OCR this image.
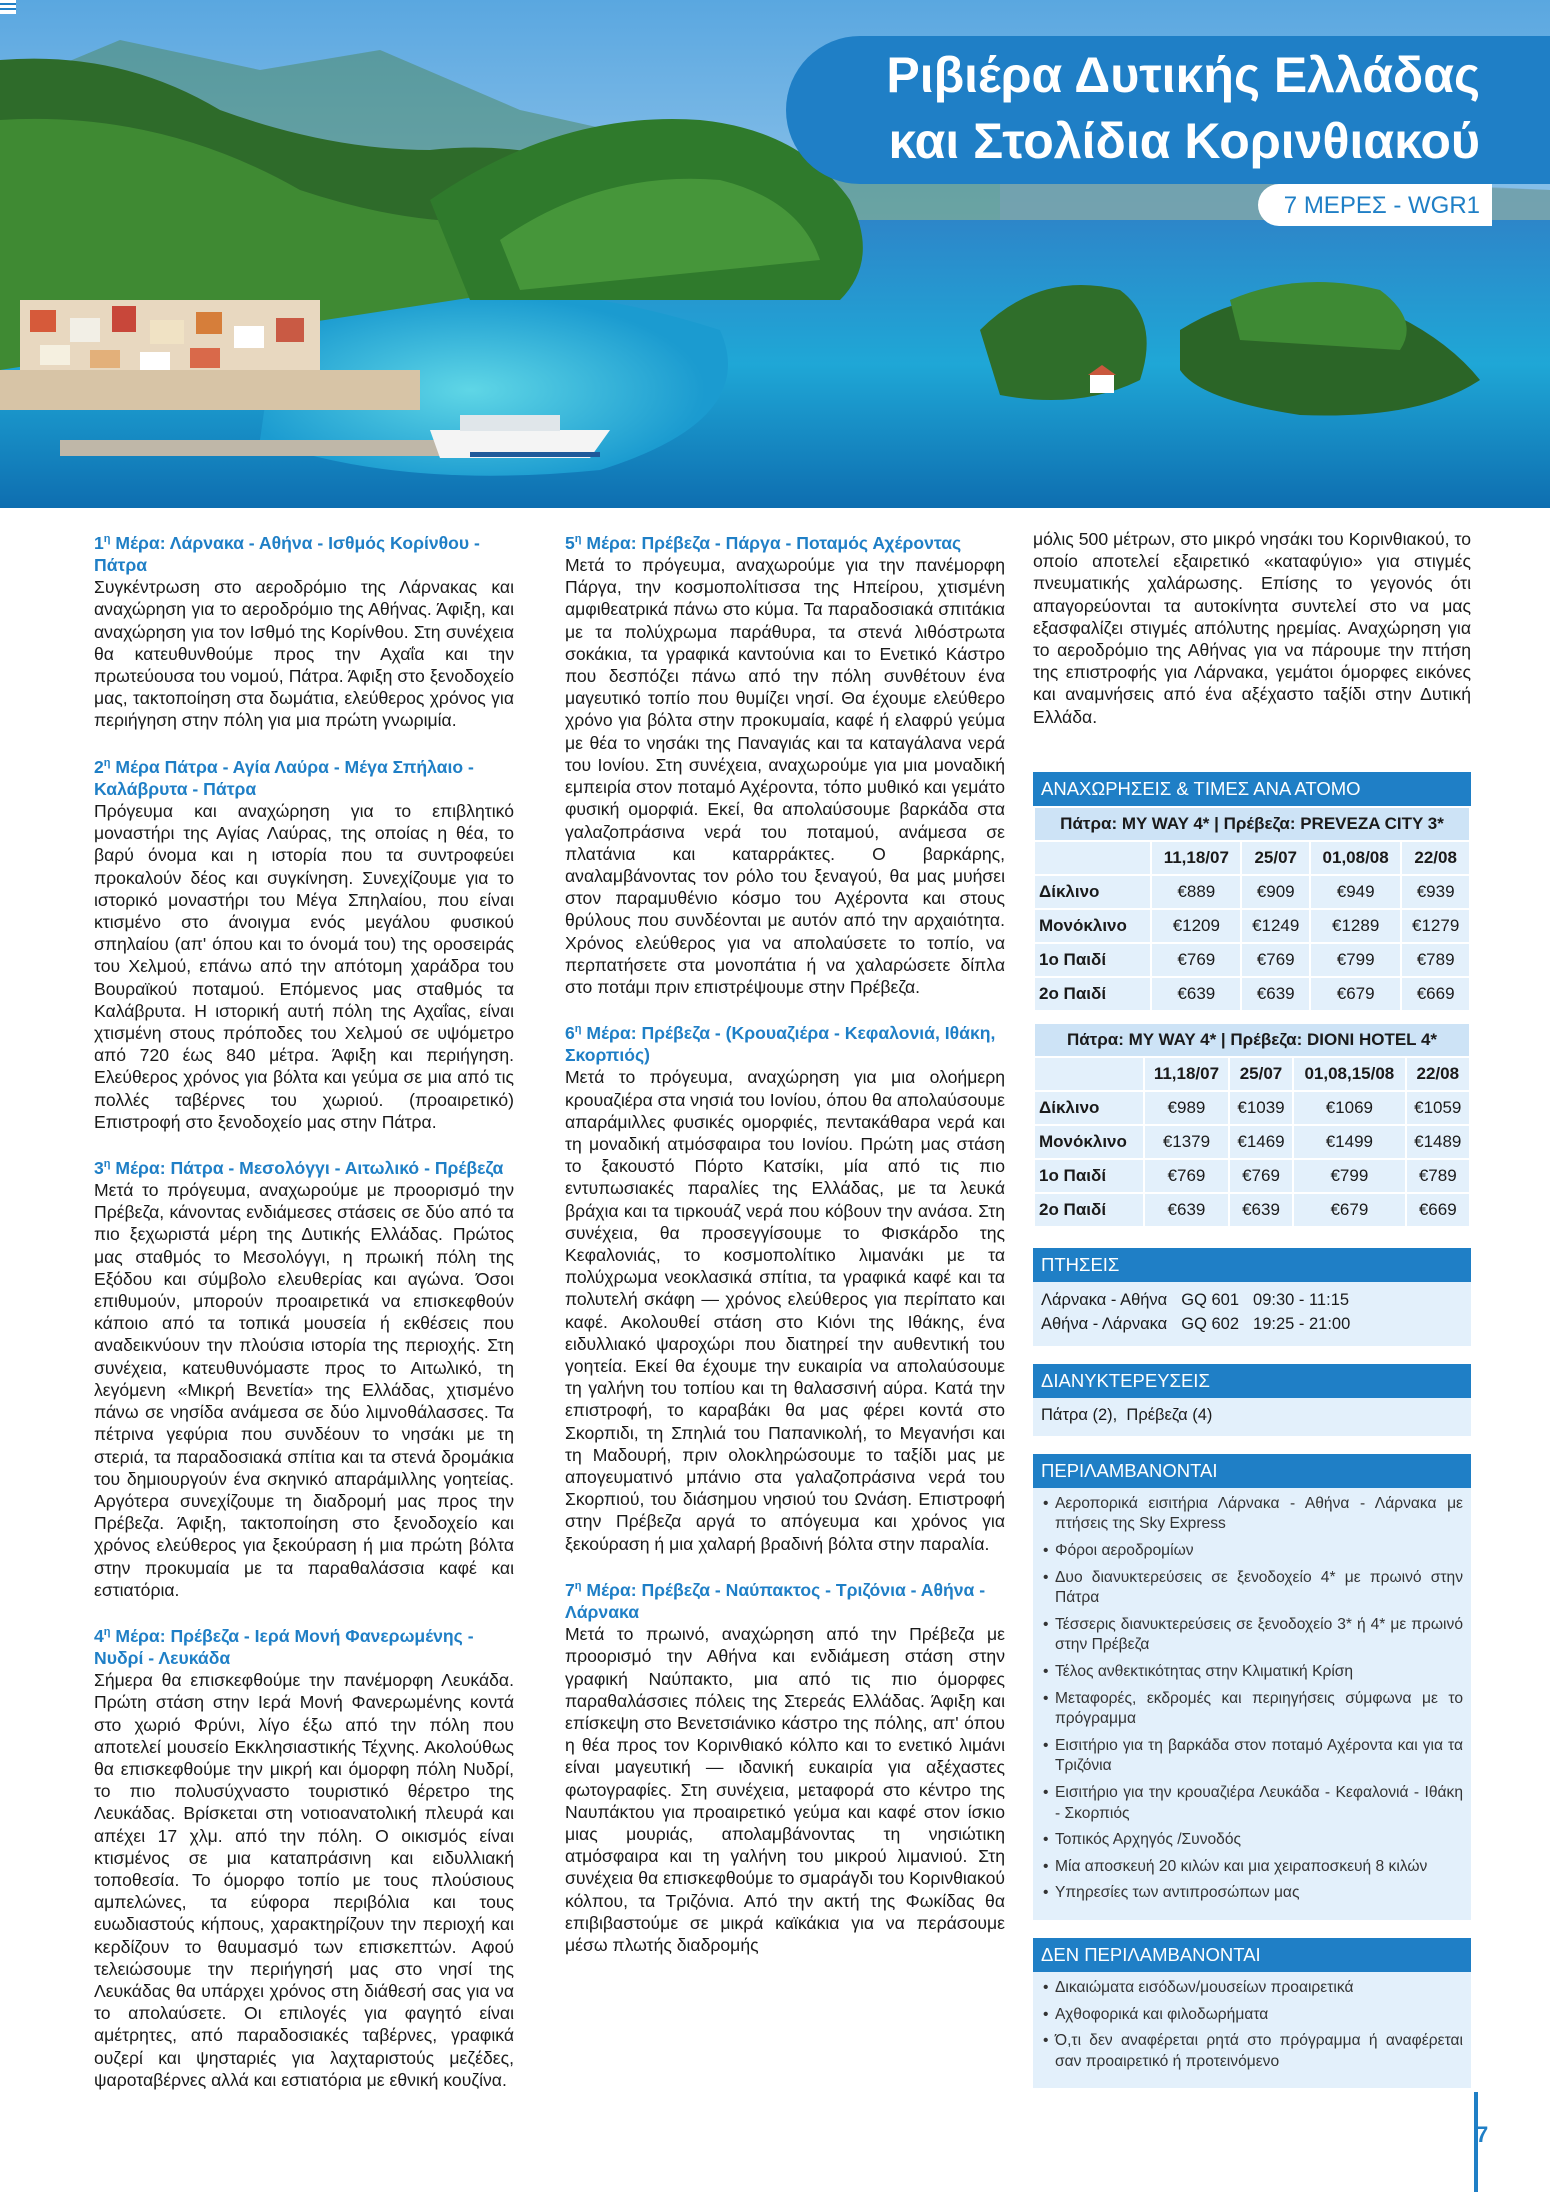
Ριβιέρα Δυτικής Ελλάδας
και Στολίδια Κορινθιακού
7 ΜΕΡΕΣ - WGR1

$1^\eta$ Μέρα: Λάρνακα - Αθήνα - Ισθμός Κορίνθου - Πάτρα

Συγκέντρωση στο αεροδρόμιο της Λάρνακας και αναχώρηση για το αεροδρόμιο της Αθήνας. Άφιξη, και αναχώρηση για τον Ισθμό της Κορίνθου. Στη συνέχεια θα κατευθυνθούμε προς την Αχαΐα και την πρωτεύουσα του νομού, Πάτρα. Άφιξη στο ξενοδοχείο μας, τακτοποίηση στα δωμάτια, ελεύθερος χρόνος για περιήγηση στην πόλη για μια πρώτη γνωριμία.

$2^\eta$ Μέρα Πάτρα - Αγία Λαύρα - Μέγα Σπήλαιο - Καλάβρυτα - Πάτρα

Πρόγευμα και αναχώρηση για το επιβλητικό μοναστήρι της Αγίας Λαύρας, της οποίας η θέα, το βαρύ όνομα και η ιστορία που τα συντροφεύει προκαλούν δέος και συγκίνηση. Συνεχίζουμε για το ιστορικό μοναστήρι του Μέγα Σπηλαίου, που είναι κτισμένο στο άνοιγμα ενός μεγάλου φυσικού σπηλαίου (απ' όπου και το όνομά του) της οροσειράς του Χελμού, επάνω από την απότομη χαράδρα του Βουραϊκού ποταμού. Επόμενος μας σταθμός τα Καλάβρυτα. Η ιστορική αυτή πόλη της Αχαΐας, είναι χτισμένη στους πρόποδες του Χελμού σε υψόμετρο από 720 έως 840 μέτρα. Άφιξη και περιήγηση. Ελεύθερος χρόνος για βόλτα και γεύμα σε μια από τις πολλές ταβέρνες του χωριού. (προαιρετικό) Επιστροφή στο ξενοδοχείο μας στην Πάτρα.

$3^\eta$ Μέρα: Πάτρα - Μεσολόγγι - Αιτωλικό - Πρέβεζα

Μετά το πρόγευμα, αναχωρούμε με προορισμό την Πρέβεζα, κάνοντας ενδιάμεσες στάσεις σε δύο από τα πιο ξεχωριστά μέρη της Δυτικής Ελλάδας. Πρώτος μας σταθμός το Μεσολόγγι, η πρωική πόλη της Εξόδου και σύμβολο ελευθερίας και αγώνα. Όσοι επιθυμούν, μπορούν προαιρετικά να επισκεφθούν κάποιο από τα τοπικά μουσεία ή εκθέσεις που αναδεικνύουν την πλούσια ιστορία της περιοχής. Στη συνέχεια, κατευθυνόμαστε προς το Αιτωλικό, τη λεγόμενη «Μικρή Βενετία» της Ελλάδας, χτισμένο πάνω σε νησίδα ανάμεσα σε δύο λιμνοθάλασσες. Τα πέτρινα γεφύρια που συνδέουν το νησάκι με τη στεριά, τα παραδοσιακά σπίτια και τα στενά δρομάκια του δημιουργούν ένα σκηνικό απαράμιλλης γοητείας. Αργότερα συνεχίζουμε τη διαδρομή μας προς την Πρέβεζα. Άφιξη, τακτοποίηση στο ξενοδοχείο και χρόνος ελεύθερος για ξεκούραση ή μια πρώτη βόλτα στην προκυμαία με τα παραθαλάσσια καφέ και εστιατόρια.

$4^\eta$ Μέρα: Πρέβεζα - Ιερά Μονή Φανερωμένης - Νυδρί - Λευκάδα

Σήμερα θα επισκεφθούμε την πανέμορφη Λευκάδα. Πρώτη στάση στην Ιερά Μονή Φανερωμένης κοντά στο χωριό Φρύνι, λίγο έξω από την πόλη που αποτελεί μουσείο Εκκλησιαστικής Τέχνης. Ακολούθως θα επισκεφθούμε την μικρή και όμορφη πόλη Νυδρί, το πιο πολυσύχναστο τουριστικό θέρετρο της Λευκάδας. Βρίσκεται στη νοτιοανατολική πλευρά και απέχει 17 χλμ. από την πόλη. Ο οικισμός είναι κτισμένος σε μια καταπράσινη και ειδυλλιακή τοποθεσία. Το όμορφο τοπίο με τους πλούσιους αμπελώνες, τα εύφορα περιβόλια και τους ευωδιαστούς κήπους, χαρακτηρίζουν την περιοχή και κερδίζουν το θαυμασμό των επισκεπτών. Αφού τελειώσουμε την περιήγησή μας στο νησί της Λευκάδας θα υπάρχει χρόνος στη διάθεσή σας για να το απολαύσετε. Οι επιλογές για φαγητό είναι αμέτρητες, από παραδοσιακές ταβέρνες, γραφικά ουζερί και ψησταριές για λαχταριστούς μεζέδες, ψαροταβέρνες αλλά και εστιατόρια με εθνική κουζίνα.

$5^\eta$ Μέρα: Πρέβεζα - Πάργα - Ποταμός Αχέροντας

Μετά το πρόγευμα, αναχωρούμε για την πανέμορφη Πάργα, την κοσμοπολίτισσα της Ηπείρου, χτισμένη αμφιθεατρικά πάνω στο κύμα. Τα παραδοσιακά σπιτάκια με τα πολύχρωμα παράθυρα, τα στενά λιθόστρωτα σοκάκια, τα γραφικά καντούνια και το Ενετικό Κάστρο που δεσπόζει πάνω από την πόλη συνθέτουν ένα μαγευτικό τοπίο που θυμίζει νησί. Θα έχουμε ελεύθερο χρόνο για βόλτα στην προκυμαία, καφέ ή ελαφρύ γεύμα με θέα το νησάκι της Παναγιάς και τα καταγάλανα νερά του Ιονίου. Στη συνέχεια, αναχωρούμε για μια μοναδική εμπειρία στον ποταμό Αχέροντα, τόπο μυθικό και γεμάτο φυσική ομορφιά. Εκεί, θα απολαύσουμε βαρκάδα στα γαλαζοπράσινα νερά του ποταμού, ανάμεσα σε πλατάνια και καταρράκτες. Ο βαρκάρης, αναλαμβάνοντας τον ρόλο του ξεναγού, θα μας μυήσει στον παραμυθένιο κόσμο του Αχέροντα και στους θρύλους που συνδέονται με αυτόν από την αρχαιότητα. Χρόνος ελεύθερος για να απολαύσετε το τοπίο, να περπατήσετε στα μονοπάτια ή να χαλαρώσετε δίπλα στο ποτάμι πριν επιστρέψουμε στην Πρέβεζα.

$6^\eta$ Μέρα: Πρέβεζα - (Κρουαζιέρα - Κεφαλονιά, Ιθάκη, Σκορπιός)

Μετά το πρόγευμα, αναχώρηση για μια ολοήμερη κρουαζιέρα στα νησιά του Ιονίου, όπου θα απολαύσουμε απαράμιλλες φυσικές ομορφιές, πεντακάθαρα νερά και τη μοναδική ατμόσφαιρα του Ιονίου. Πρώτη μας στάση το ξακουστό Πόρτο Κατσίκι, μία από τις πιο εντυπωσιακές παραλίες της Ελλάδας, με τα λευκά βράχια και τα τιρκουάζ νερά που κόβουν την ανάσα. Στη συνέχεια, θα προσεγγίσουμε το Φισκάρδο της Κεφαλονιάς, το κοσμοπολίτικο λιμανάκι με τα πολύχρωμα νεοκλασικά σπίτια, τα γραφικά καφέ και τα πολυτελή σκάφη — χρόνος ελεύθερος για περίπατο και καφέ. Ακολουθεί στάση στο Κιόνι της Ιθάκης, ένα ειδυλλιακό ψαροχώρι που διατηρεί την αυθεντική του γοητεία. Εκεί θα έχουμε την ευκαιρία να απολαύσουμε τη γαλήνη του τοπίου και τη θαλασσινή αύρα. Κατά την επιστροφή, το καραβάκι θα μας φέρει κοντά στο Σκορπιδι, τη Σπηλιά του Παπανικολή, το Μεγανήσι και τη Μαδουρή, πριν ολοκληρώσουμε το ταξίδι μας με απογευματινό μπάνιο στα γαλαζοπράσινα νερά του Σκορπιού, του διάσημου νησιού του Ωνάση. Επιστροφή στην Πρέβεζα αργά το απόγευμα και χρόνος για ξεκούραση ή μια χαλαρή βραδινή βόλτα στην παραλία.

$7^\eta$ Μέρα: Πρέβεζα - Ναύπακτος - Τριζόνια - Αθήνα - Λάρνακα

Μετά το πρωινό, αναχώρηση από την Πρέβεζα με προορισμό την Αθήνα και ενδιάμεση στάση στην γραφική Ναύπακτο, μια από τις πιο όμορφες παραθαλάσσιες πόλεις της Στερεάς Ελλάδας. Άφιξη και επίσκεψη στο Βενετσιάνικο κάστρο της πόλης, απ' όπου η θέα προς τον Κορινθιακό κόλπο και το ενετικό λιμάνι είναι μαγευτική — ιδανική ευκαιρία για αξέχαστες φωτογραφίες. Στη συνέχεια, μεταφορά στο κέντρο της Ναυπάκτου για προαιρετικό γεύμα και καφέ στον ίσκιο μιας μουριάς, απολαμβάνοντας τη νησιώτικη ατμόσφαιρα και τη γαλήνη του μικρού λιμανιού. Στη συνέχεια θα επισκεφθούμε το σμαράγδι του Κορινθιακού κόλπου, τα Τριζόνια. Από την ακτή της Φωκίδας θα επιβιβαστούμε σε μικρά καϊκάκια για να περάσουμε μέσω πλωτής διαδρομής

μόλις 500 μέτρων, στο μικρό νησάκι του Κορινθιακού, το οποίο αποτελεί εξαιρετικό «καταφύγιο» για στιγμές πνευματικής χαλάρωσης. Επίσης το γεγονός ότι απαγορεύονται τα αυτοκίνητα συντελεί στο να μας εξασφαλίζει στιγμές απόλυτης ηρεμίας. Αναχώρηση για το αεροδρόμιο της Αθήνας για να πάρουμε την πτήση της επιστροφής για Λάρνακα, γεμάτοι όμορφες εικόνες και αναμνήσεις από ένα αξέχαστο ταξίδι στην Δυτική Ελλάδα.

ΑΝΑΧΩΡΗΣΕΙΣ & ΤΙΜΕΣ ΑΝΑ ΑΤΟΜΟ
Πάτρα: MY WAY 4* | Πρέβεζα: PREVEZA CITY 3*				
	11,18/07	25/07	01,08/08	22/08
Δίκλινο	€889	€909	€949	€939
Μονόκλινο	€1209	€1249	€1289	€1279
1ο Παιδί	€769	€769	€799	€789
2ο Παιδί	€639	€639	€679	€669
Πάτρα: MY WAY 4* | Πρέβεζα: DIONI HOTEL 4*				
	11,18/07	25/07	01,08,15/08	22/08
Δίκλινο	€989	€1039	€1069	€1059
Μονόκλινο	€1379	€1469	€1499	€1489
1ο Παιδί	€769	€769	€799	€789
2ο Παιδί	€639	€639	€679	€669
ΠΤΗΣΕΙΣ
Λάρνακα - Αθήνα	GQ 601	09:30 - 11:15
Αθήνα - Λάρνακα	GQ 602	19:25 - 21:00
ΔΙΑΝΥΚΤΕΡΕΥΣΕΙΣ
Πάτρα (2),  Πρέβεζα (4)
ΠΕΡΙΛΑΜΒΑΝΟΝΤΑΙ
• Αεροπορικά εισιτήρια Λάρνακα - Αθήνα - Λάρνακα με πτήσεις της Sky Express
• Φόροι αεροδρομίων
• Δυο διανυκτερεύσεις σε ξενοδοχείο 4* με πρωινό στην Πάτρα
• Τέσσερις διανυκτερεύσεις σε ξενοδοχείο 3* ή 4* με πρωινό στην Πρέβεζα
• Τέλος ανθεκτικότητας στην Κλιματική Κρίση
• Μεταφορές, εκδρομές και περιηγήσεις σύμφωνα με το πρόγραμμα
• Εισιτήριο για τη βαρκάδα στον ποταμό Αχέροντα και για τα Τριζόνια
• Εισιτήριο για την κρουαζιέρα Λευκάδα - Κεφαλονιά - Ιθάκη - Σκορπιός
• Τοπικός Αρχηγός /Συνοδός
• Μία αποσκευή 20 κιλών και μια χειραποσκευή 8 κιλών
• Υπηρεσίες των αντιπροσώπων μας
ΔΕΝ ΠΕΡΙΛΑΜΒΑΝΟΝΤΑΙ
• Δικαιώματα εισόδων/μουσείων προαιρετικά
• Αχθοφορικά και φιλοδωρήματα
• Ό,τι δεν αναφέρεται ρητά στο πρόγραμμα ή αναφέρεται σαν προαιρετικό ή προτεινόμενο
7
